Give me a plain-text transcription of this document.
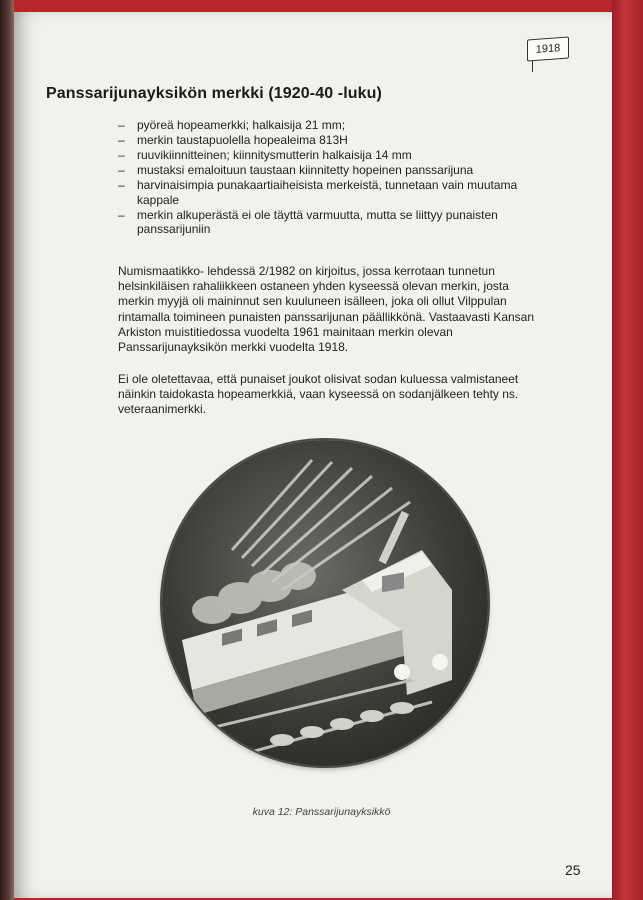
1918
Panssarijunayksikön merkki (1920-40 -luku)
– pyöreä hopeamerkki; halkaisija 21 mm;
– merkin taustapuolella hopealeima 813H
– ruuvikiinnitteinen; kiinnitysmutterin halkaisija 14 mm
– mustaksi emaloituun taustaan kiinnitetty hopeinen panssarijuna
– harvinaisimpia punakaartiaiheisista merkeistä, tunnetaan vain muutama kappale
– merkin alkuperästä ei ole täyttä varmuutta, mutta se liittyy punaisten panssarijuniin

Numismaatikko- lehdessä 2/1982 on kirjoitus, jossa kerrotaan tunnetun helsinkiläisen rahaliikkeen ostaneen yhden kyseessä olevan merkin, josta merkin myyjä oli maininnut sen kuuluneen isälleen, joka oli ollut Vilppulan rintamalla toimineen punaisten panssarijunan päällikkönä. Vastaavasti Kansan Arkiston muistitiedossa vuodelta 1961 mainitaan merkin olevan Panssarijunayksikön merkki vuodelta 1918.

Ei ole oletettavaa, että punaiset joukot olisivat sodan kuluessa valmistaneet näinkin taidokasta hopeamerkkiä, vaan kyseessä on sodanjälkeen tehty ns. veteraanimerkki.

kuva 12: Panssarijunayksikkö
25
